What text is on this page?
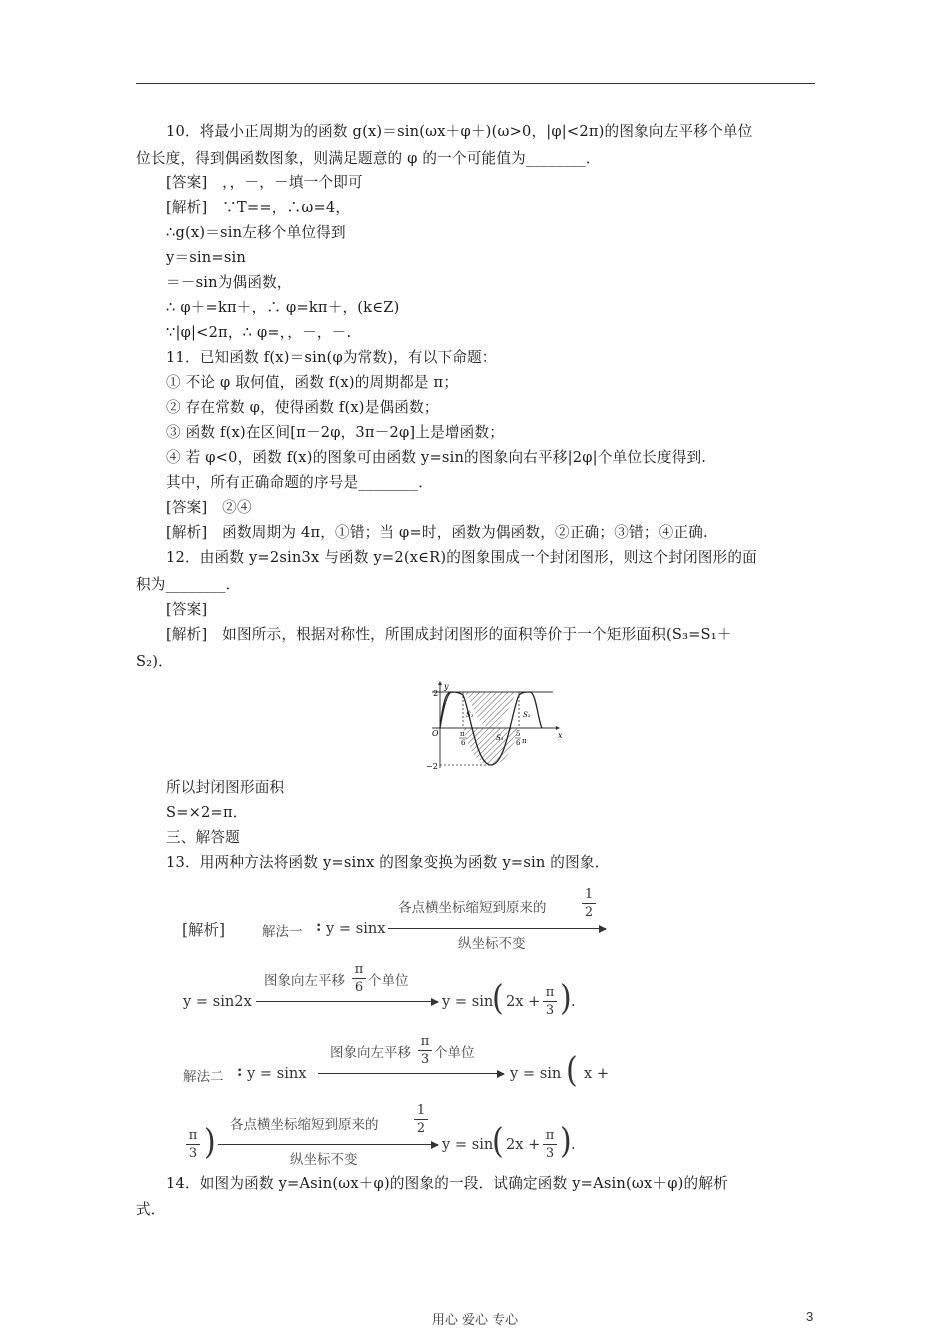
10．将最小正周期为的函数 g(x)＝sin(ωx＋φ＋)(ω>0，|φ|<2π)的图象向左平移个单位
位长度，得到偶函数图象，则满足题意的 φ 的一个可能值为________．
[答案]　，，－，－填一个即可
[解析]　∵T==，∴ω=4，
∴g(x)＝sin左移个单位得到
y＝sin=sin
＝－sin为偶函数，
∴ φ＋=kπ＋，∴ φ=kπ＋，(k∈Z)
∵|φ|<2π，∴ φ=，，－，－.
11．已知函数 f(x)＝sin(φ为常数)，有以下命题：
① 不论 φ 取何值，函数 f(x)的周期都是 π；
② 存在常数 φ，使得函数 f(x)是偶函数；
③ 函数 f(x)在区间[π－2φ，3π－2φ]上是增函数；
④ 若 φ<0，函数 f(x)的图象可由函数 y=sin的图象向右平移|2φ|个单位长度得到.
其中，所有正确命题的序号是________．
[答案]　②④
[解析]　函数周期为 4π，①错；当 φ=时，函数为偶函数，②正确；③错；④正确.
12．由函数 y=2sin3x 与函数 y=2(x∈R)的图象围成一个封闭图形，则这个封闭图形的面
积为________．
[答案]
[解析]　如图所示，根据对称性，所围成封闭图形的面积等价于一个矩形面积(S₃=S₁＋
S₂)．
y
x
2
−2
O	π
6
5
6 π
S₁	S₂
S₃
所以封闭图形面积
S=×2=π．
三、解答题
13．用两种方法将函数 y=sinx 的图象变换为函数 y=sin 的图象．
[解析]	解法一 : y = sinx
各点横坐标缩短到原来的
1
2
纵坐标不变
y = sin2x
图象向左平移
π
6 个单位
y = sin
( 2x +
π
3 ) .
解法二 : y = sinx
图象向左平移
π
3 个单位
y = sin ( x +
π
3 ) 各点横坐标缩短到原来的
1
2
纵坐标不变
y = sin
( 2x +
π
3 ) .
14．如图为函数 y=Asin(ωx＋φ)的图象的一段．试确定函数 y=Asin(ωx＋φ)的解析
式．
用心 爱心 专心	3
